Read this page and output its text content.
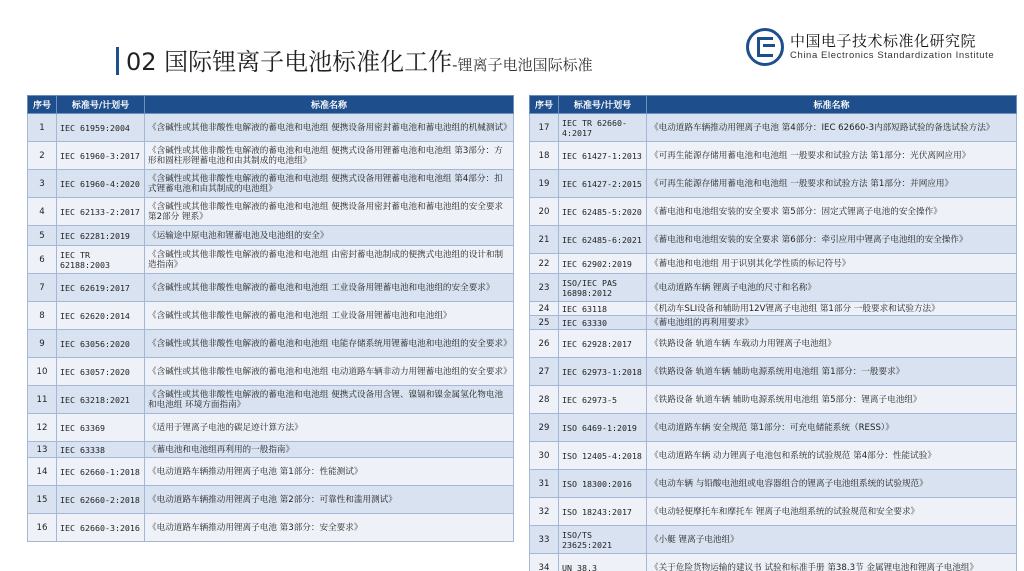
02 国际锂离子电池标准化工作-锂离子电池国际标准
中国电子技术标准化研究院
China Electronics Standardization Institute
序号	标准号/计划号	标准名称
1	IEC 61959:2004	《含碱性或其他非酸性电解液的蓄电池和电池组 便携设备用密封蓄电池和蓄电池组的机械测试》
2	IEC 61960-3:2017	《含碱性或其他非酸性电解液的蓄电池和电池组 便携式设备用锂蓄电池和电池组 第3部分：方形和圆柱形锂蓄电池和由其制成的电池组》
3	IEC 61960-4:2020	《含碱性或其他非酸性电解液的蓄电池和电池组 便携式设备用锂蓄电池和电池组 第4部分：扣式锂蓄电池和由其制成的电池组》
4	IEC 62133-2:2017	《含碱性或其他非酸性电解液的蓄电池和电池组 便携设备用密封蓄电池和蓄电池组的安全要求 第2部分 锂系》
5	IEC 62281:2019	《运输途中原电池和锂蓄电池及电池组的安全》
6	IEC TR 62188:2003	《含碱性或其他非酸性电解液的蓄电池和电池组 由密封蓄电池制成的便携式电池组的设计和制造指南》
7	IEC 62619:2017	《含碱性或其他非酸性电解液的蓄电池和电池组 工业设备用锂蓄电池和电池组的安全要求》
8	IEC 62620:2014	《含碱性或其他非酸性电解液的蓄电池和电池组 工业设备用锂蓄电池和电池组》
9	IEC 63056:2020	《含碱性或其他非酸性电解液的蓄电池和电池组 电能存储系统用锂蓄电池和电池组的安全要求》
10	IEC 63057:2020	《含碱性或其他非酸性电解液的蓄电池和电池组 电动道路车辆非动力用锂蓄电池组的安全要求》
11	IEC 63218:2021	《含碱性或其他非酸性电解液的蓄电池和电池组 便携式设备用含锂、镍镉和镍金属氢化物电池和电池组 环境方面指南》
12	IEC 63369	《适用于锂离子电池的碳足迹计算方法》
13	IEC 63338	《蓄电池和电池组再利用的一般指南》
14	IEC 62660-1:2018	《电动道路车辆推动用锂离子电池 第1部分：性能测试》
15	IEC 62660-2:2018	《电动道路车辆推动用锂离子电池 第2部分：可靠性和滥用测试》
16	IEC 62660-3:2016	《电动道路车辆推动用锂离子电池 第3部分：安全要求》
序号	标准号/计划号	标准名称
17	IEC TR 62660-4:2017	《电动道路车辆推动用锂离子电池 第4部分：IEC 62660-3内部短路试验的备选试验方法》
18	IEC 61427-1:2013	《可再生能源存储用蓄电池和电池组 一般要求和试验方法 第1部分：光伏离网应用》
19	IEC 61427-2:2015	《可再生能源存储用蓄电池和电池组 一般要求和试验方法 第1部分：并网应用》
20	IEC 62485-5:2020	《蓄电池和电池组安装的安全要求 第5部分：固定式锂离子电池的安全操作》
21	IEC 62485-6:2021	《蓄电池和电池组安装的安全要求 第6部分：牵引应用中锂离子电池组的安全操作》
22	IEC 62902:2019	《蓄电池和电池组 用于识别其化学性质的标记符号》
23	ISO/IEC PAS 16898:2012	《电动道路车辆 锂离子电池的尺寸和名称》
24	IEC 63118	《机动车SLI设备和辅助用12V锂离子电池组 第1部分 一般要求和试验方法》
25	IEC 63330	《蓄电池组的再利用要求》
26	IEC 62928:2017	《铁路设备 轨道车辆 车载动力用锂离子电池组》
27	IEC 62973-1:2018	《铁路设备 轨道车辆 辅助电源系统用电池组 第1部分：一般要求》
28	IEC 62973-5	《铁路设备 轨道车辆 辅助电源系统用电池组 第5部分：锂离子电池组》
29	ISO 6469-1:2019	《电动道路车辆 安全规范 第1部分：可充电储能系统（RESS）》
30	ISO 12405-4:2018	《电动道路车辆 动力锂离子电池包和系统的试验规范 第4部分：性能试验》
31	ISO 18300:2016	《电动车辆 与铅酸电池组或电容器组合的锂离子电池组系统的试验规范》
32	ISO 18243:2017	《电动轻便摩托车和摩托车 锂离子电池组系统的试验规范和安全要求》
33	ISO/TS 23625:2021	《小艇 锂离子电池组》
34	UN 38.3	《关于危险货物运输的建议书 试验和标准手册 第38.3节 金属锂电池和锂离子电池组》
